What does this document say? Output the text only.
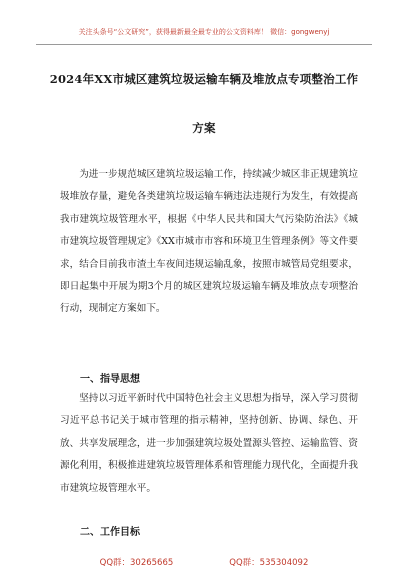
关注头条号“公文研究”，获得最新最全最专业的公文资料库！ 微信：gongwenyj
2024年XX市城区建筑垃圾运输车辆及堆放点专项整治工作
方案

为进一步规范城区建筑垃圾运输工作，持续减少城区非正规建筑垃圾堆放存量，避免各类建筑垃圾运输车辆违法违规行为发生，有效提高我市建筑垃圾管理水平，根据《中华人民共和国大气污染防治法》《城市建筑垃圾管理规定》《XX市城市市容和环境卫生管理条例》等文件要求，结合目前我市渣土车夜间违规运输乱象，按照市城管局党组要求，即日起集中开展为期3个月的城区建筑垃圾运输车辆及堆放点专项整治行动，现制定方案如下。

一、指导思想

坚持以习近平新时代中国特色社会主义思想为指导，深入学习贯彻习近平总书记关于城市管理的指示精神，坚持创新、协调、绿色、开放、共享发展理念，进一步加强建筑垃圾处置源头管控、运输监管、资源化利用，积极推进建筑垃圾管理体系和管理能力现代化，全面提升我市建筑垃圾管理水平。

二、工作目标
QQ群：30265665	QQ群：535304092
